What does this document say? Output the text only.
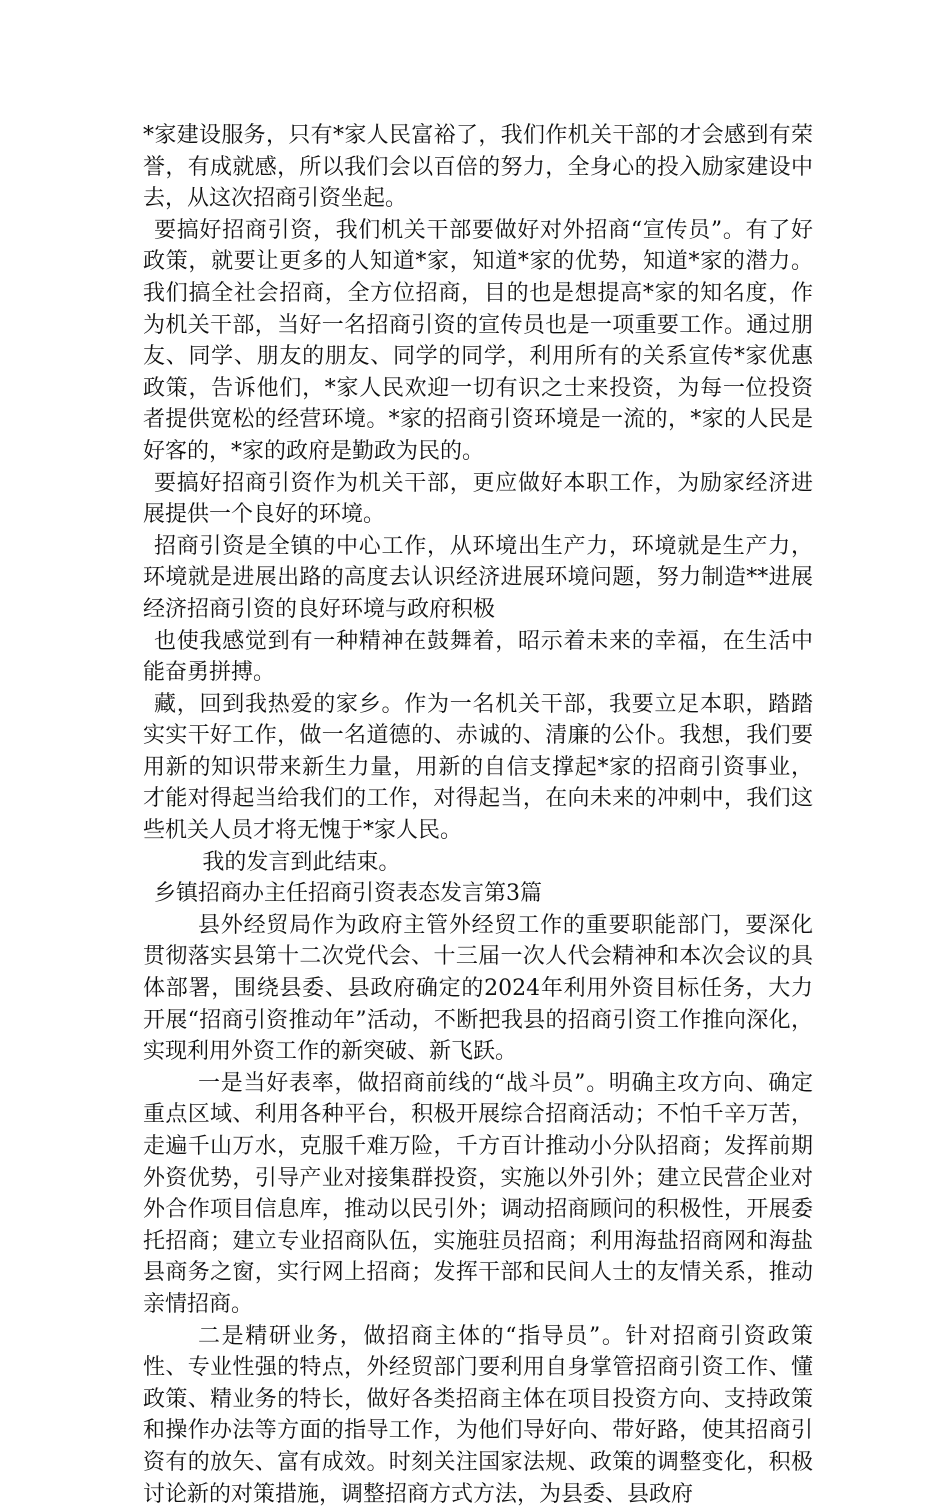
*家建设服务，只有*家人民富裕了，我们作机关干部的才会感到有荣誉，有成就感，所以我们会以百倍的努力，全身心的投入励家建设中去，从这次招商引资坐起。

要搞好招商引资，我们机关干部要做好对外招商“宣传员”。有了好政策，就要让更多的人知道*家，知道*家的优势，知道*家的潜力。我们搞全社会招商，全方位招商，目的也是想提高*家的知名度，作为机关干部，当好一名招商引资的宣传员也是一项重要工作。通过朋友、同学、朋友的朋友、同学的同学，利用所有的关系宣传*家优惠政策，告诉他们，*家人民欢迎一切有识之士来投资，为每一位投资者提供宽松的经营环境。*家的招商引资环境是一流的，*家的人民是好客的，*家的政府是勤政为民的。

要搞好招商引资作为机关干部，更应做好本职工作，为励家经济进展提供一个良好的环境。

招商引资是全镇的中心工作，从环境出生产力，环境就是生产力，环境就是进展出路的高度去认识经济进展环境问题，努力制造**进展经济招商引资的良好环境与政府积极

也使我感觉到有一种精神在鼓舞着，昭示着未来的幸福，在生活中能奋勇拼搏。

藏，回到我热爱的家乡。作为一名机关干部，我要立足本职，踏踏实实干好工作，做一名道德的、赤诚的、清廉的公仆。我想，我们要用新的知识带来新生力量，用新的自信支撑起*家的招商引资事业，才能对得起当给我们的工作，对得起当，在向未来的冲刺中，我们这些机关人员才将无愧于*家人民。

我的发言到此结束。

乡镇招商办主任招商引资表态发言第3篇

县外经贸局作为政府主管外经贸工作的重要职能部门，要深化贯彻落实县第十二次党代会、十三届一次人代会精神和本次会议的具体部署，围绕县委、县政府确定的2024年利用外资目标任务，大力开展“招商引资推动年”活动，不断把我县的招商引资工作推向深化，实现利用外资工作的新突破、新飞跃。

一是当好表率，做招商前线的“战斗员”。明确主攻方向、确定重点区域、利用各种平台，积极开展综合招商活动；不怕千辛万苦，走遍千山万水，克服千难万险，千方百计推动小分队招商；发挥前期外资优势，引导产业对接集群投资，实施以外引外；建立民营企业对外合作项目信息库，推动以民引外；调动招商顾问的积极性，开展委托招商；建立专业招商队伍，实施驻员招商；利用海盐招商网和海盐县商务之窗，实行网上招商；发挥干部和民间人士的友情关系，推动亲情招商。

二是精研业务，做招商主体的“指导员”。针对招商引资政策性、专业性强的特点，外经贸部门要利用自身掌管招商引资工作、懂政策、精业务的特长，做好各类招商主体在项目投资方向、支持政策和操作办法等方面的指导工作，为他们导好向、带好路，使其招商引资有的放矢、富有成效。时刻关注国家法规、政策的调整变化，积极讨论新的对策措施，调整招商方式方法，为县委、县政府
